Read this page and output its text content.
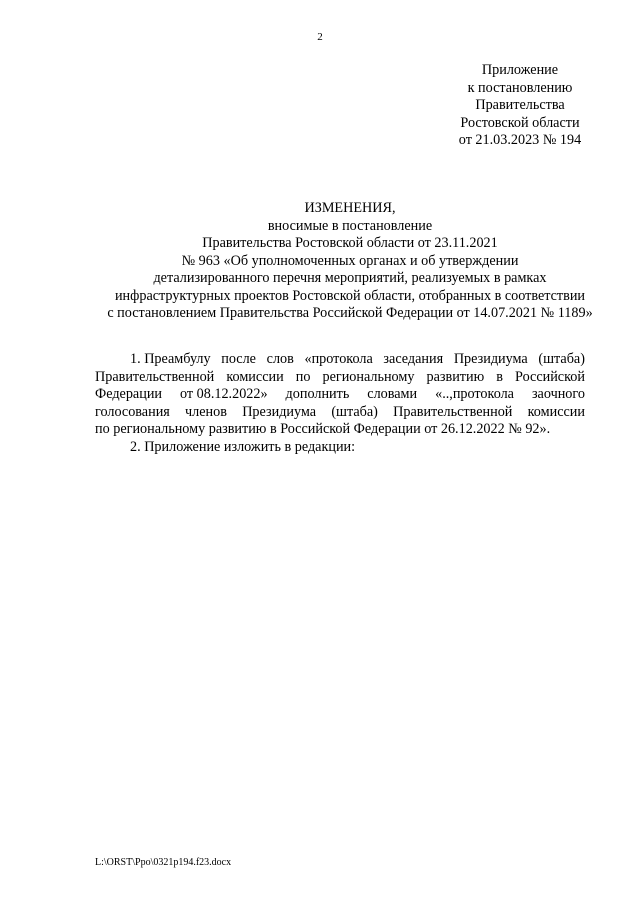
2
Приложение
к постановлению
Правительства
Ростовской области
от 21.03.2023 № 194
ИЗМЕНЕНИЯ,
вносимые в постановление
Правительства Ростовской области от 23.11.2021
№ 963 «Об уполномоченных органах и об утверждении
детализированного перечня мероприятий, реализуемых в рамках
инфраструктурных проектов Ростовской области, отобранных в соответствии
с постановлением Правительства Российской Федерации от 14.07.2021 № 1189»
1. Преамбулу после слов «протокола заседания Президиума (штаба)
Правительственной комиссии по региональному развитию в Российской
Федерации от 08.12.2022» дополнить словами «..,протокола заочного
голосования членов Президиума (штаба) Правительственной комиссии
по региональному развитию в Российской Федерации от 26.12.2022 № 92».
2. Приложение изложить в редакции:
L:\ORST\Ppo\0321p194.f23.docx
